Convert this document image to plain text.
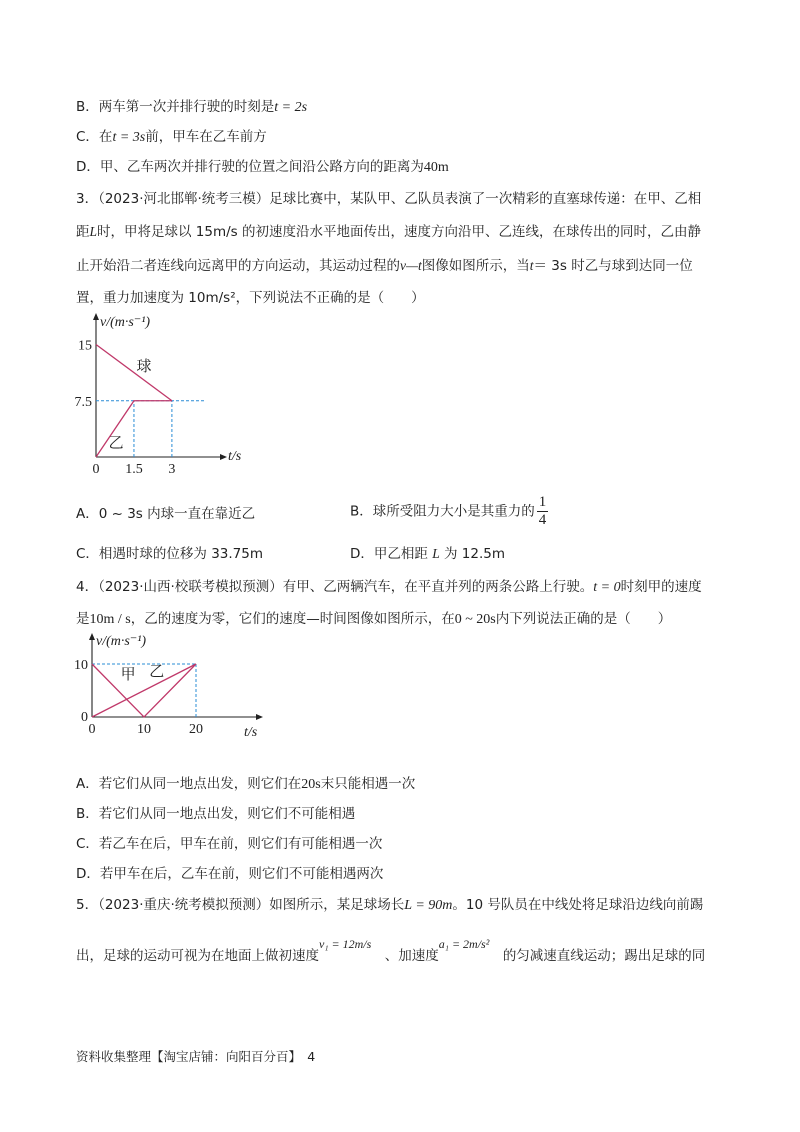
B．两车第一次并排行驶的时刻是t = 2s
C．在t = 3s前，甲车在乙车前方
D．甲、乙车两次并排行驶的位置之间沿公路方向的距离为40m
3．（2023·河北邯郸·统考三模）足球比赛中，某队甲、乙队员表演了一次精彩的直塞球传递：在甲、乙相
距L时，甲将足球以 15m/s 的初速度沿水平地面传出，速度方向沿甲、乙连线，在球传出的同时，乙由静
止开始沿二者连线向远离甲的方向运动，其运动过程的v—t图像如图所示，当t＝ 3s 时乙与球到达同一位
置，重力加速度为 10m/s²，下列说法不正确的是（　　）
球
乙
0 1.5 3
15
7.5
v/(m·s⁻¹)
t/s
A．0 ~ 3s 内球一直在靠近乙	B．球所受阻力大小是其重力的 $\frac{1}{4}$
C．相遇时球的位移为 33.75m	D．甲乙相距 L 为 12.5m
4．（2023·山西·校联考模拟预测）有甲、乙两辆汽车，在平直并列的两条公路上行驶。t = 0时刻甲的速度
是10m / s，乙的速度为零，它们的速度—时间图像如图所示，在0 ~ 20s内下列说法正确的是（　　）
甲 乙
0	10	20
10
0
v/(m·s⁻¹)
t/s
A．若它们从同一地点出发，则它们在20s末只能相遇一次
B．若它们从同一地点出发，则它们不可能相遇
C．若乙车在后，甲车在前，则它们有可能相遇一次
D．若甲车在后，乙车在前，则它们不可能相遇两次
5．（2023·重庆·统考模拟预测）如图所示，某足球场长L = 90m。10 号队员在中线处将足球沿边线向前踢
出，足球的运动可视为在地面上做初速度v₁ = 12m/s　、加速度a₁ = 2m/s²　的匀减速直线运动；踢出足球的同
资料收集整理【淘宝店铺：向阳百分百】　 4
